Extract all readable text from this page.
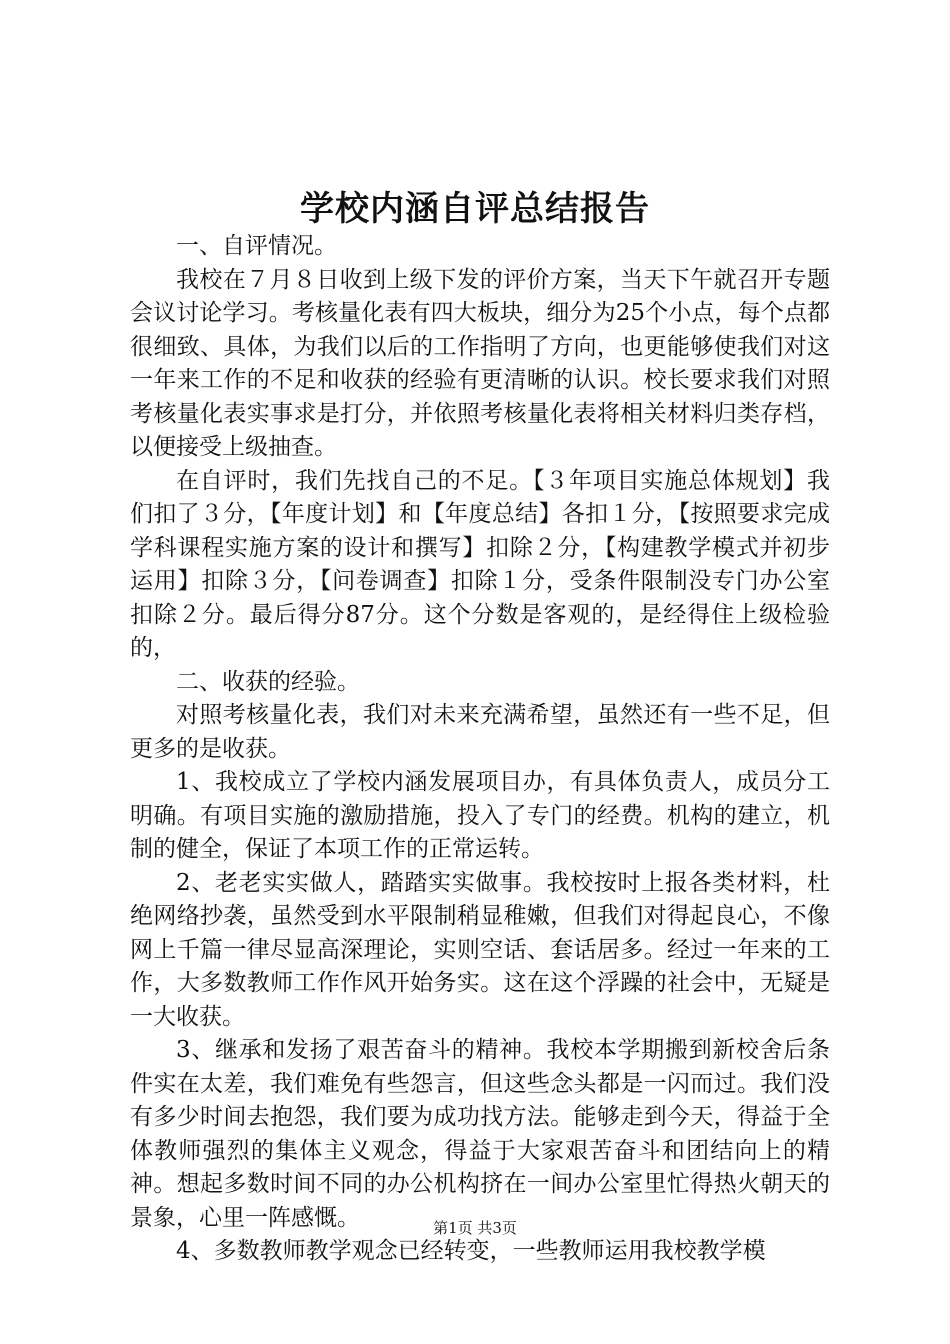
学校内涵自评总结报告

一、自评情况。

我校在７月８日收到上级下发的评价方案，当天下午就召开专题会议讨论学习。考核量化表有四大板块，细分为25个小点，每个点都很细致、具体，为我们以后的工作指明了方向，也更能够使我们对这一年来工作的不足和收获的经验有更清晰的认识。校长要求我们对照考核量化表实事求是打分，并依照考核量化表将相关材料归类存档，以便接受上级抽查。

在自评时，我们先找自己的不足。【３年项目实施总体规划】我们扣了３分，【年度计划】和【年度总结】各扣１分，【按照要求完成学科课程实施方案的设计和撰写】扣除２分，【构建教学模式并初步运用】扣除３分，【问卷调查】扣除１分，受条件限制没专门办公室扣除２分。最后得分87分。这个分数是客观的，是经得住上级检验的，

二、收获的经验。

对照考核量化表，我们对未来充满希望，虽然还有一些不足，但更多的是收获。

1、我校成立了学校内涵发展项目办，有具体负责人，成员分工明确。有项目实施的激励措施，投入了专门的经费。机构的建立，机制的健全，保证了本项工作的正常运转。

2、老老实实做人，踏踏实实做事。我校按时上报各类材料，杜绝网络抄袭，虽然受到水平限制稍显稚嫩，但我们对得起良心，不像网上千篇一律尽显高深理论，实则空话、套话居多。经过一年来的工作，大多数教师工作作风开始务实。这在这个浮躁的社会中，无疑是一大收获。

3、继承和发扬了艰苦奋斗的精神。我校本学期搬到新校舍后条件实在太差，我们难免有些怨言，但这些念头都是一闪而过。我们没有多少时间去抱怨，我们要为成功找方法。能够走到今天，得益于全体教师强烈的集体主义观念，得益于大家艰苦奋斗和团结向上的精神。想起多数时间不同的办公机构挤在一间办公室里忙得热火朝天的景象，心里一阵感慨。

4、多数教师教学观念已经转变，一些教师运用我校教学模

第1页 共3页
